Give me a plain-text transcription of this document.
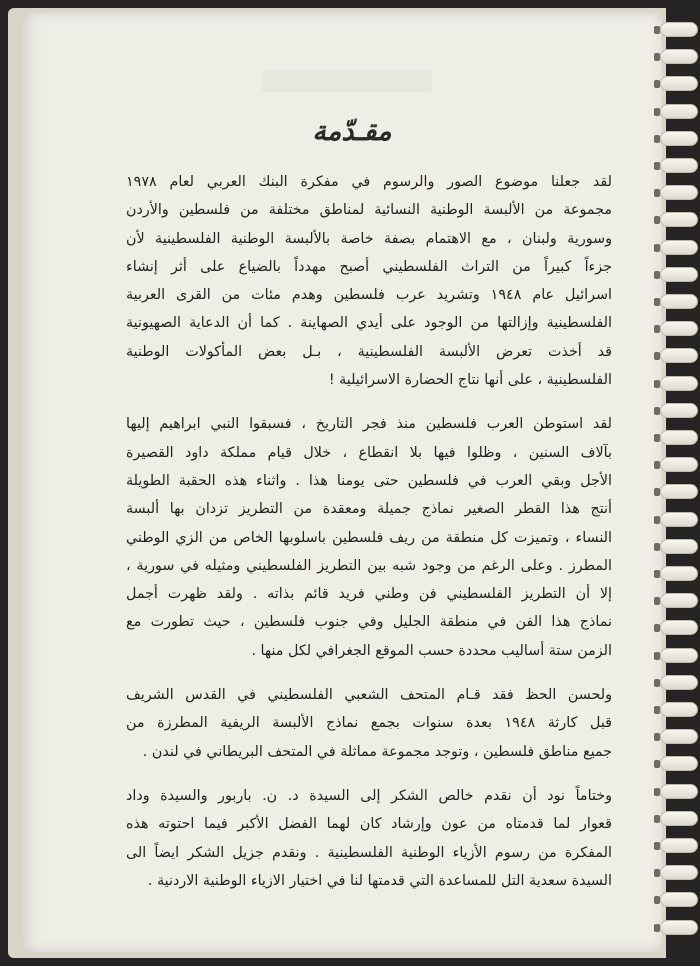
مقـدّمة

لقد جعلنا موضوع الصور والرسوم في مفكرة البنك العربي لعام ١٩٧٨
مجموعة من الألبسة الوطنية النسائية لمناطق مختلفة من فلسطين والأردن
وسورية ولبنان ، مع الاهتمام بصفة خاصة بالألبسة الوطنية الفلسطينية لأن
جزءاً كبيراً من التراث الفلسطيني أصبح مهدداً بالضياع على أثر إنشاء
اسرائيل عام ١٩٤٨ وتشريد عرب فلسطين وهدم مئات من القرى العربية
الفلسطينية وإزالتها من الوجود على أيدي الصهاينة . كما أن الدعاية الصهيونية
قد أخذت تعرض الألبسة الفلسطينية ، بـل بعض المأكولات الوطنية
الفلسطينية ، على أنها نتاج الحضارة الاسرائيلية !

لقد استوطن العرب فلسطين منذ فجر التاريخ ، فسبقوا النبي ابراهيم إليها
بآلاف السنين ، وظلوا فيها بلا انقطاع ، خلال قيام مملكة داود القصيرة
الأجل وبقي العرب في فلسطين حتى يومنا هذا . واثناء هذه الحقبة الطويلة
أنتج هذا القطر الصغير نماذج جميلة ومعقدة من التطريز تزدان بها ألبسة
النساء ، وتميزت كل منطقة من ريف فلسطين باسلوبها الخاص من الزي الوطني
المطرز . وعلى الرغم من وجود شبه بين التطريز الفلسطيني ومثيله في سورية ،
إلا أن التطريز الفلسطيني فن وطني فريد قائم بذاته . ولقد ظهرت أجمل
نماذج هذا الفن في منطقة الجليل وفي جنوب فلسطين ، حيث تطورت مع
الزمن ستة أساليب محددة حسب الموقع الجغرافي لكل منها .

ولحسن الحظ فقد قـام المتحف الشعبي الفلسطيني في القدس الشريف
قبل كارثة ١٩٤٨ بعدة سنوات بجمع نماذج الألبسة الريفية المطرزة من
جميع مناطق فلسطين ، وتوجد مجموعة مماثلة في المتحف البريطاني في لندن .

وختاماً نود أن نقدم خالص الشكر إلى السيدة د. ن. باربور والسيدة وداد
قعوار لما قدمتاه من عون وإرشاد كان لهما الفضل الأكبر فيما احتوته هذه
المفكرة من رسوم الأزياء الوطنية الفلسطينية . ونقدم جزيل الشكر ايضاً الى
السيدة سعدية التل للمساعدة التي قدمتها لنا في اختيار الازياء الوطنية الاردنية .
